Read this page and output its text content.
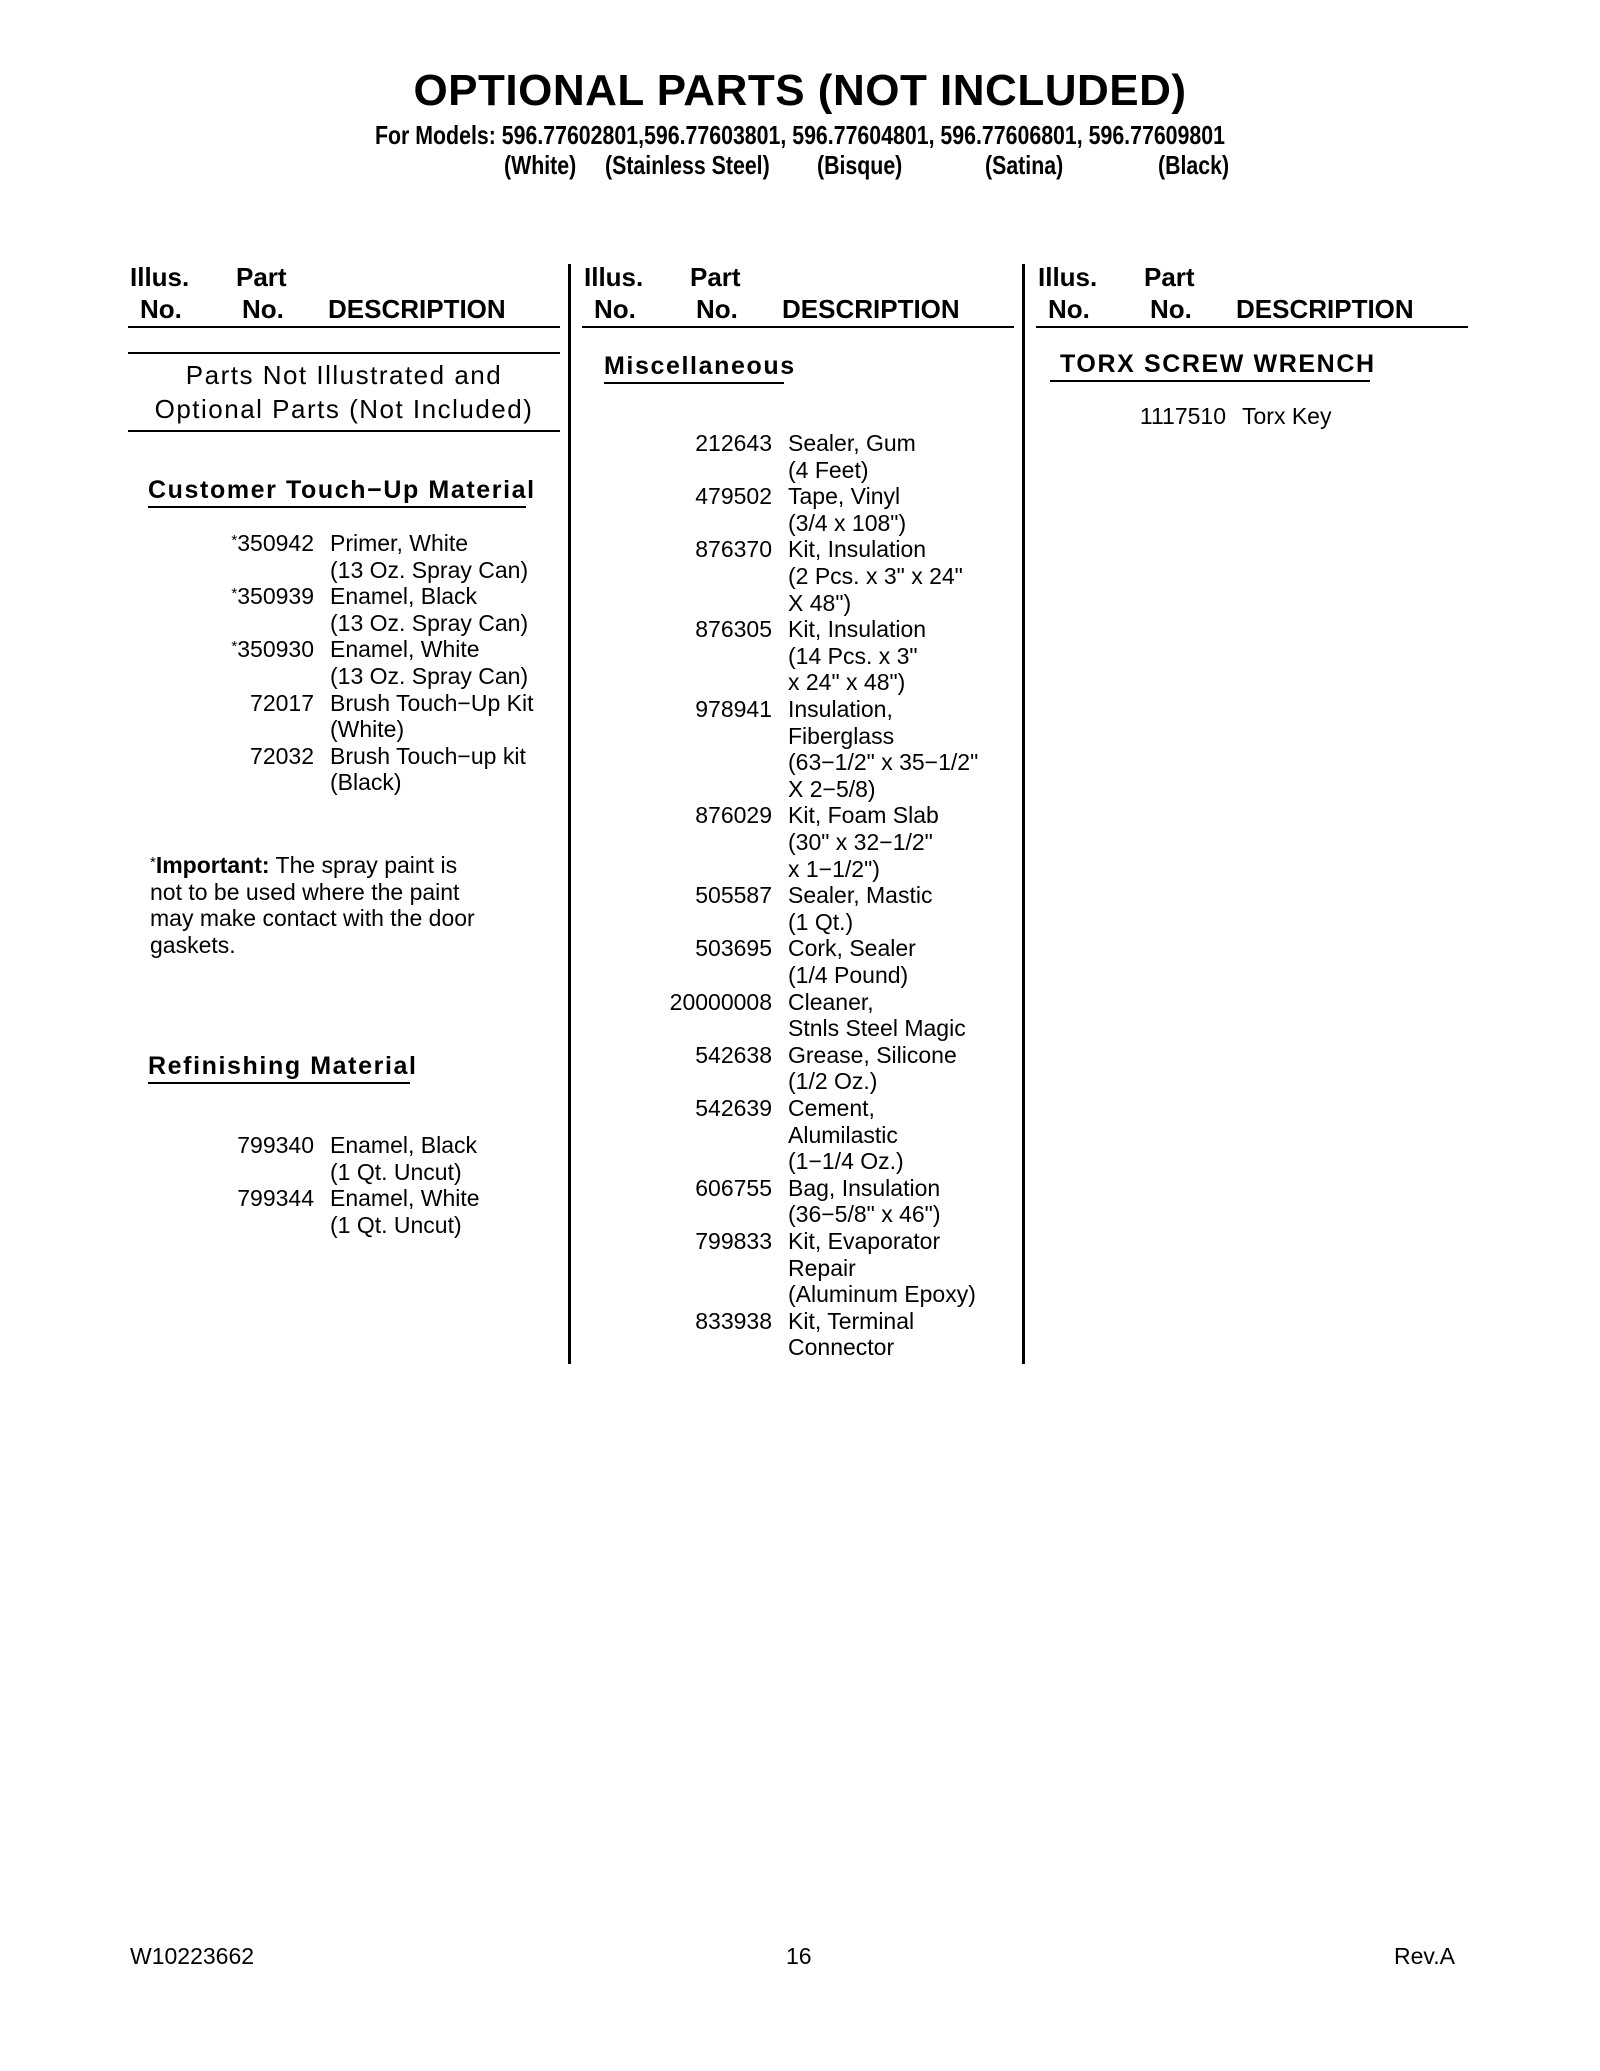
OPTIONAL PARTS (NOT INCLUDED)
For Models: 596.77602801,596.77603801, 596.77604801, 596.77606801, 596.77609801
(White) (Stainless Steel) (Bisque)	(Satina)	(Black)
Illus.
No.
Part
No. DESCRIPTION
Illus.
No.
Part
No. DESCRIPTION
Illus.
No.
Part
No. DESCRIPTION
Parts Not Illustrated and
Optional Parts (Not Included)
Customer Touch−Up Material
*350942 Primer, White
(13 Oz. Spray Can)
*350939 Enamel, Black
(13 Oz. Spray Can)
*350930 Enamel, White
(13 Oz. Spray Can)
72017 Brush Touch−Up Kit
(White)
72032 Brush Touch−up kit
(Black)
*Important: The spray paint is
not to be used where the paint
may make contact with the door
gaskets.
Refinishing Material
799340 Enamel, Black
(1 Qt. Uncut)
799344 Enamel, White
(1 Qt. Uncut)
Miscellaneous
212643 Sealer, Gum
(4 Feet)
479502 Tape, Vinyl
(3/4 x 108")
876370 Kit, Insulation
(2 Pcs. x 3" x 24"
X 48")
876305 Kit, Insulation
(14 Pcs. x 3"
x 24" x 48")
978941 Insulation,
Fiberglass
(63−1/2" x 35−1/2"
X 2−5/8)
876029 Kit, Foam Slab
(30" x 32−1/2"
x 1−1/2")
505587 Sealer, Mastic
(1 Qt.)
503695 Cork, Sealer
(1/4 Pound)
20000008 Cleaner,
Stnls Steel Magic
542638 Grease, Silicone
(1/2 Oz.)
542639 Cement,
Alumilastic
(1−1/4 Oz.)
606755 Bag, Insulation
(36−5/8" x 46")
799833 Kit, Evaporator
Repair
(Aluminum Epoxy)
833938 Kit, Terminal
Connector
TORX SCREW WRENCH
1117510 Torx Key
W10223662	16	Rev.A
